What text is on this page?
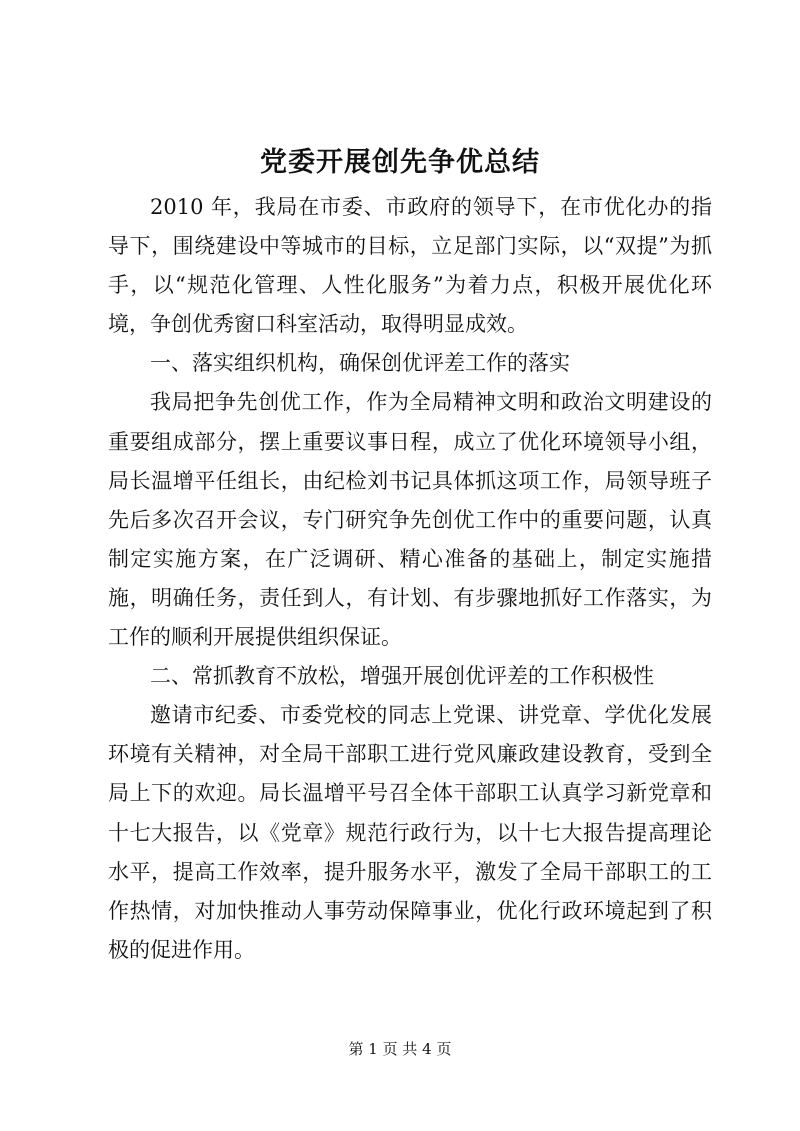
党委开展创先争优总结

2010 年，我局在市委、市政府的领导下，在市优化办的指导下，围绕建设中等城市的目标，立足部门实际，以“双提”为抓手，以“规范化管理、人性化服务”为着力点，积极开展优化环境，争创优秀窗口科室活动，取得明显成效。

一、落实组织机构，确保创优评差工作的落实

我局把争先创优工作，作为全局精神文明和政治文明建设的重要组成部分，摆上重要议事日程，成立了优化环境领导小组，局长温增平任组长，由纪检刘书记具体抓这项工作，局领导班子先后多次召开会议，专门研究争先创优工作中的重要问题，认真制定实施方案，在广泛调研、精心准备的基础上，制定实施措施，明确任务，责任到人，有计划、有步骤地抓好工作落实，为工作的顺利开展提供组织保证。

二、常抓教育不放松，增强开展创优评差的工作积极性

邀请市纪委、市委党校的同志上党课、讲党章、学优化发展环境有关精神，对全局干部职工进行党风廉政建设教育，受到全局上下的欢迎。局长温增平号召全体干部职工认真学习新党章和十七大报告，以《党章》规范行政行为，以十七大报告提高理论水平，提高工作效率，提升服务水平，激发了全局干部职工的工作热情，对加快推动人事劳动保障事业，优化行政环境起到了积极的促进作用。

第 1 页 共 4 页
